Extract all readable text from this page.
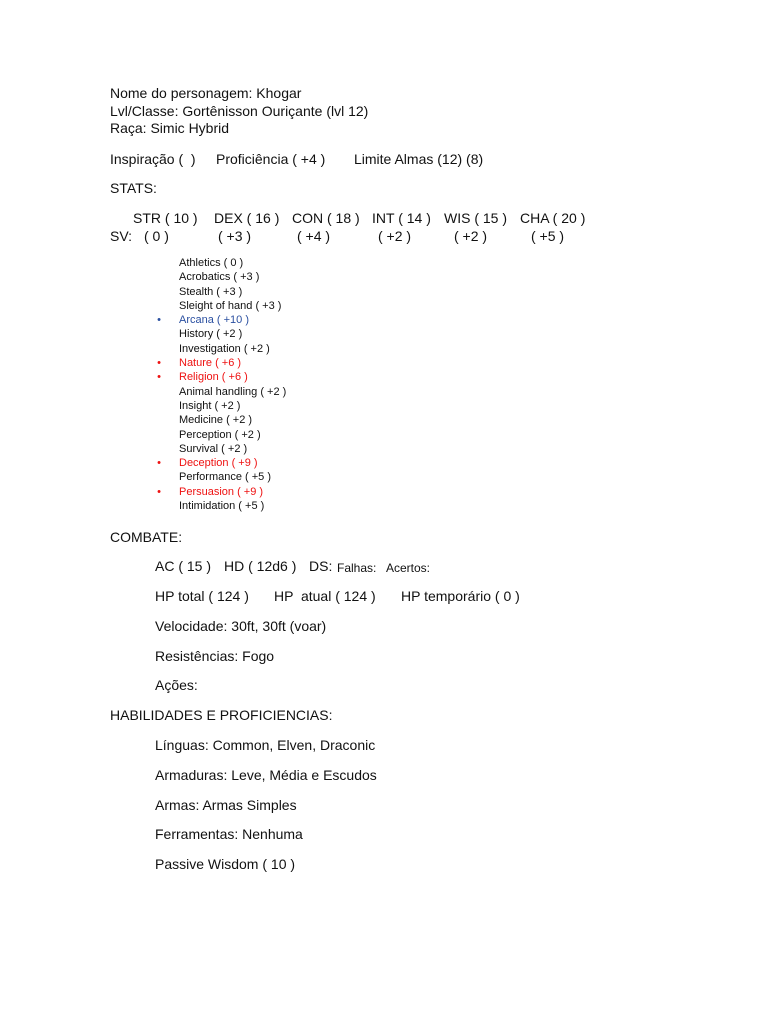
Nome do personagem: Khogar
Lvl/Classe: Gortênisson Ouriçante (lvl 12)
Raça: Simic Hybrid
Inspiração (  ) Proficiência ( +4 ) Limite Almas (12) (8)
STATS:
STR ( 10 ) DEX ( 16 ) CON ( 18 ) INT ( 14 ) WIS ( 15 ) CHA ( 20 )
SV: ( 0 )	( +3 )	( +4 )	( +2 )	( +2 )	( +5 )
Athletics ( 0 )
Acrobatics ( +3 )
Stealth ( +3 )
Sleight of hand ( +3 )
• Arcana ( +10 )
History ( +2 )
Investigation ( +2 )
• Nature ( +6 )
• Religion ( +6 )
Animal handling ( +2 )
Insight ( +2 )
Medicine ( +2 )
Perception ( +2 )
Survival ( +2 )
• Deception ( +9 )
Performance ( +5 )
• Persuasion ( +9 )
Intimidation ( +5 )
COMBATE:
AC ( 15 ) HD ( 12d6 ) DS: Falhas: Acertos:
HP total ( 124 ) HP  atual ( 124 ) HP temporário ( 0 )
Velocidade: 30ft, 30ft (voar)
Resistências: Fogo
Ações:
HABILIDADES E PROFICIENCIAS:
Línguas: Common, Elven, Draconic
Armaduras: Leve, Média e Escudos
Armas: Armas Simples
Ferramentas: Nenhuma
Passive Wisdom ( 10 )
